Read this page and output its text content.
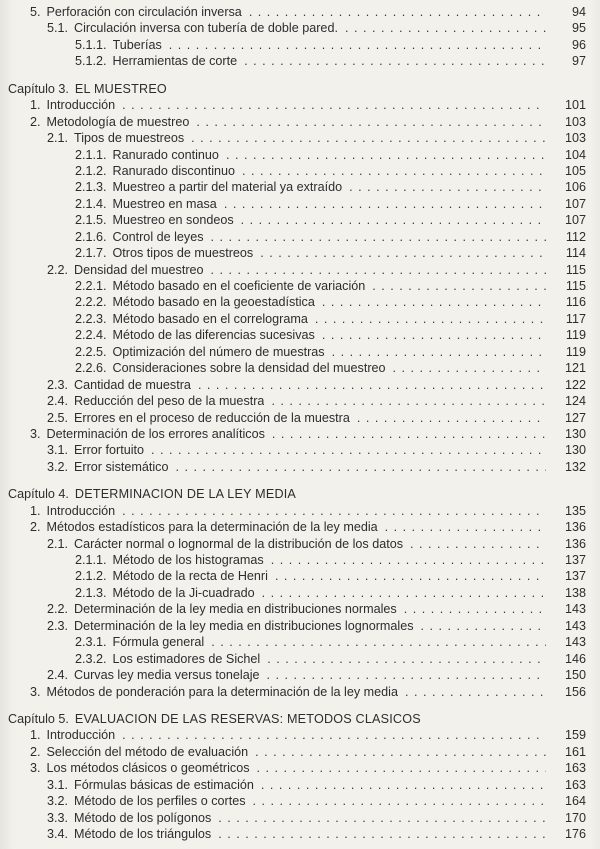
5. Perforación con circulación inversa . . .	94
5.1. Circulación inversa con tubería de doble pared. . . .	95
5.1.1. Tuberías . . .	96
5.1.2. Herramientas de corte . . .	97
Capítulo 3. EL MUESTREO
1. Introducción . . .	101
2. Metodología de muestreo . . .	103
2.1. Tipos de muestreos . . .	103
2.1.1. Ranurado continuo . . .	104
2.1.2. Ranurado discontinuo . . .	105
2.1.3. Muestreo a partir del material ya extraído . . .	106
2.1.4. Muestreo en masa . . .	107
2.1.5. Muestreo en sondeos . . .	107
2.1.6. Control de leyes . . .	112
2.1.7. Otros tipos de muestreos . . .	114
2.2. Densidad del muestreo . . .	115
2.2.1. Método basado en el coeficiente de variación . . .	115
2.2.2. Método basado en la geoestadística . . .	116
2.2.3. Método basado en el correlograma . . .	117
2.2.4. Método de las diferencias sucesivas . . .	119
2.2.5. Optimización del número de muestras . . .	119
2.2.6. Consideraciones sobre la densidad del muestreo . . .	121
2.3. Cantidad de muestra . . .	122
2.4. Reducción del peso de la muestra . . .	124
2.5. Errores en el proceso de reducción de la muestra . . .	127
3. Determinación de los errores analíticos . . .	130
3.1. Error fortuito . . .	130
3.2. Error sistemático . . .	132
Capítulo 4. DETERMINACION DE LA LEY MEDIA
1. Introducción . . .	135
2. Métodos estadísticos para la determinación de la ley media . . .	136
2.1. Carácter normal o lognormal de la distribución de los datos . . .	136
2.1.1. Método de los histogramas . . .	137
2.1.2. Método de la recta de Henri . . .	137
2.1.3. Método de la Ji-cuadrado . . .	138
2.2. Determinación de la ley media en distribuciones normales . . .	143
2.3. Determinación de la ley media en distribuciones lognormales . . .	143
2.3.1. Fórmula general . . .	143
2.3.2. Los estimadores de Sichel . . .	146
2.4. Curvas ley media versus tonelaje . . .	150
3. Métodos de ponderación para la determinación de la ley media . . .	156
Capítulo 5. EVALUACION DE LAS RESERVAS: METODOS CLASICOS
1. Introducción . . .	159
2. Selección del método de evaluación . . .	161
3. Los métodos clásicos o geométricos . . .	163
3.1. Fórmulas básicas de estimación . . .	163
3.2. Método de los perfiles o cortes . . .	164
3.3. Método de los polígonos . . .	170
3.4. Método de los triángulos . . .	176
